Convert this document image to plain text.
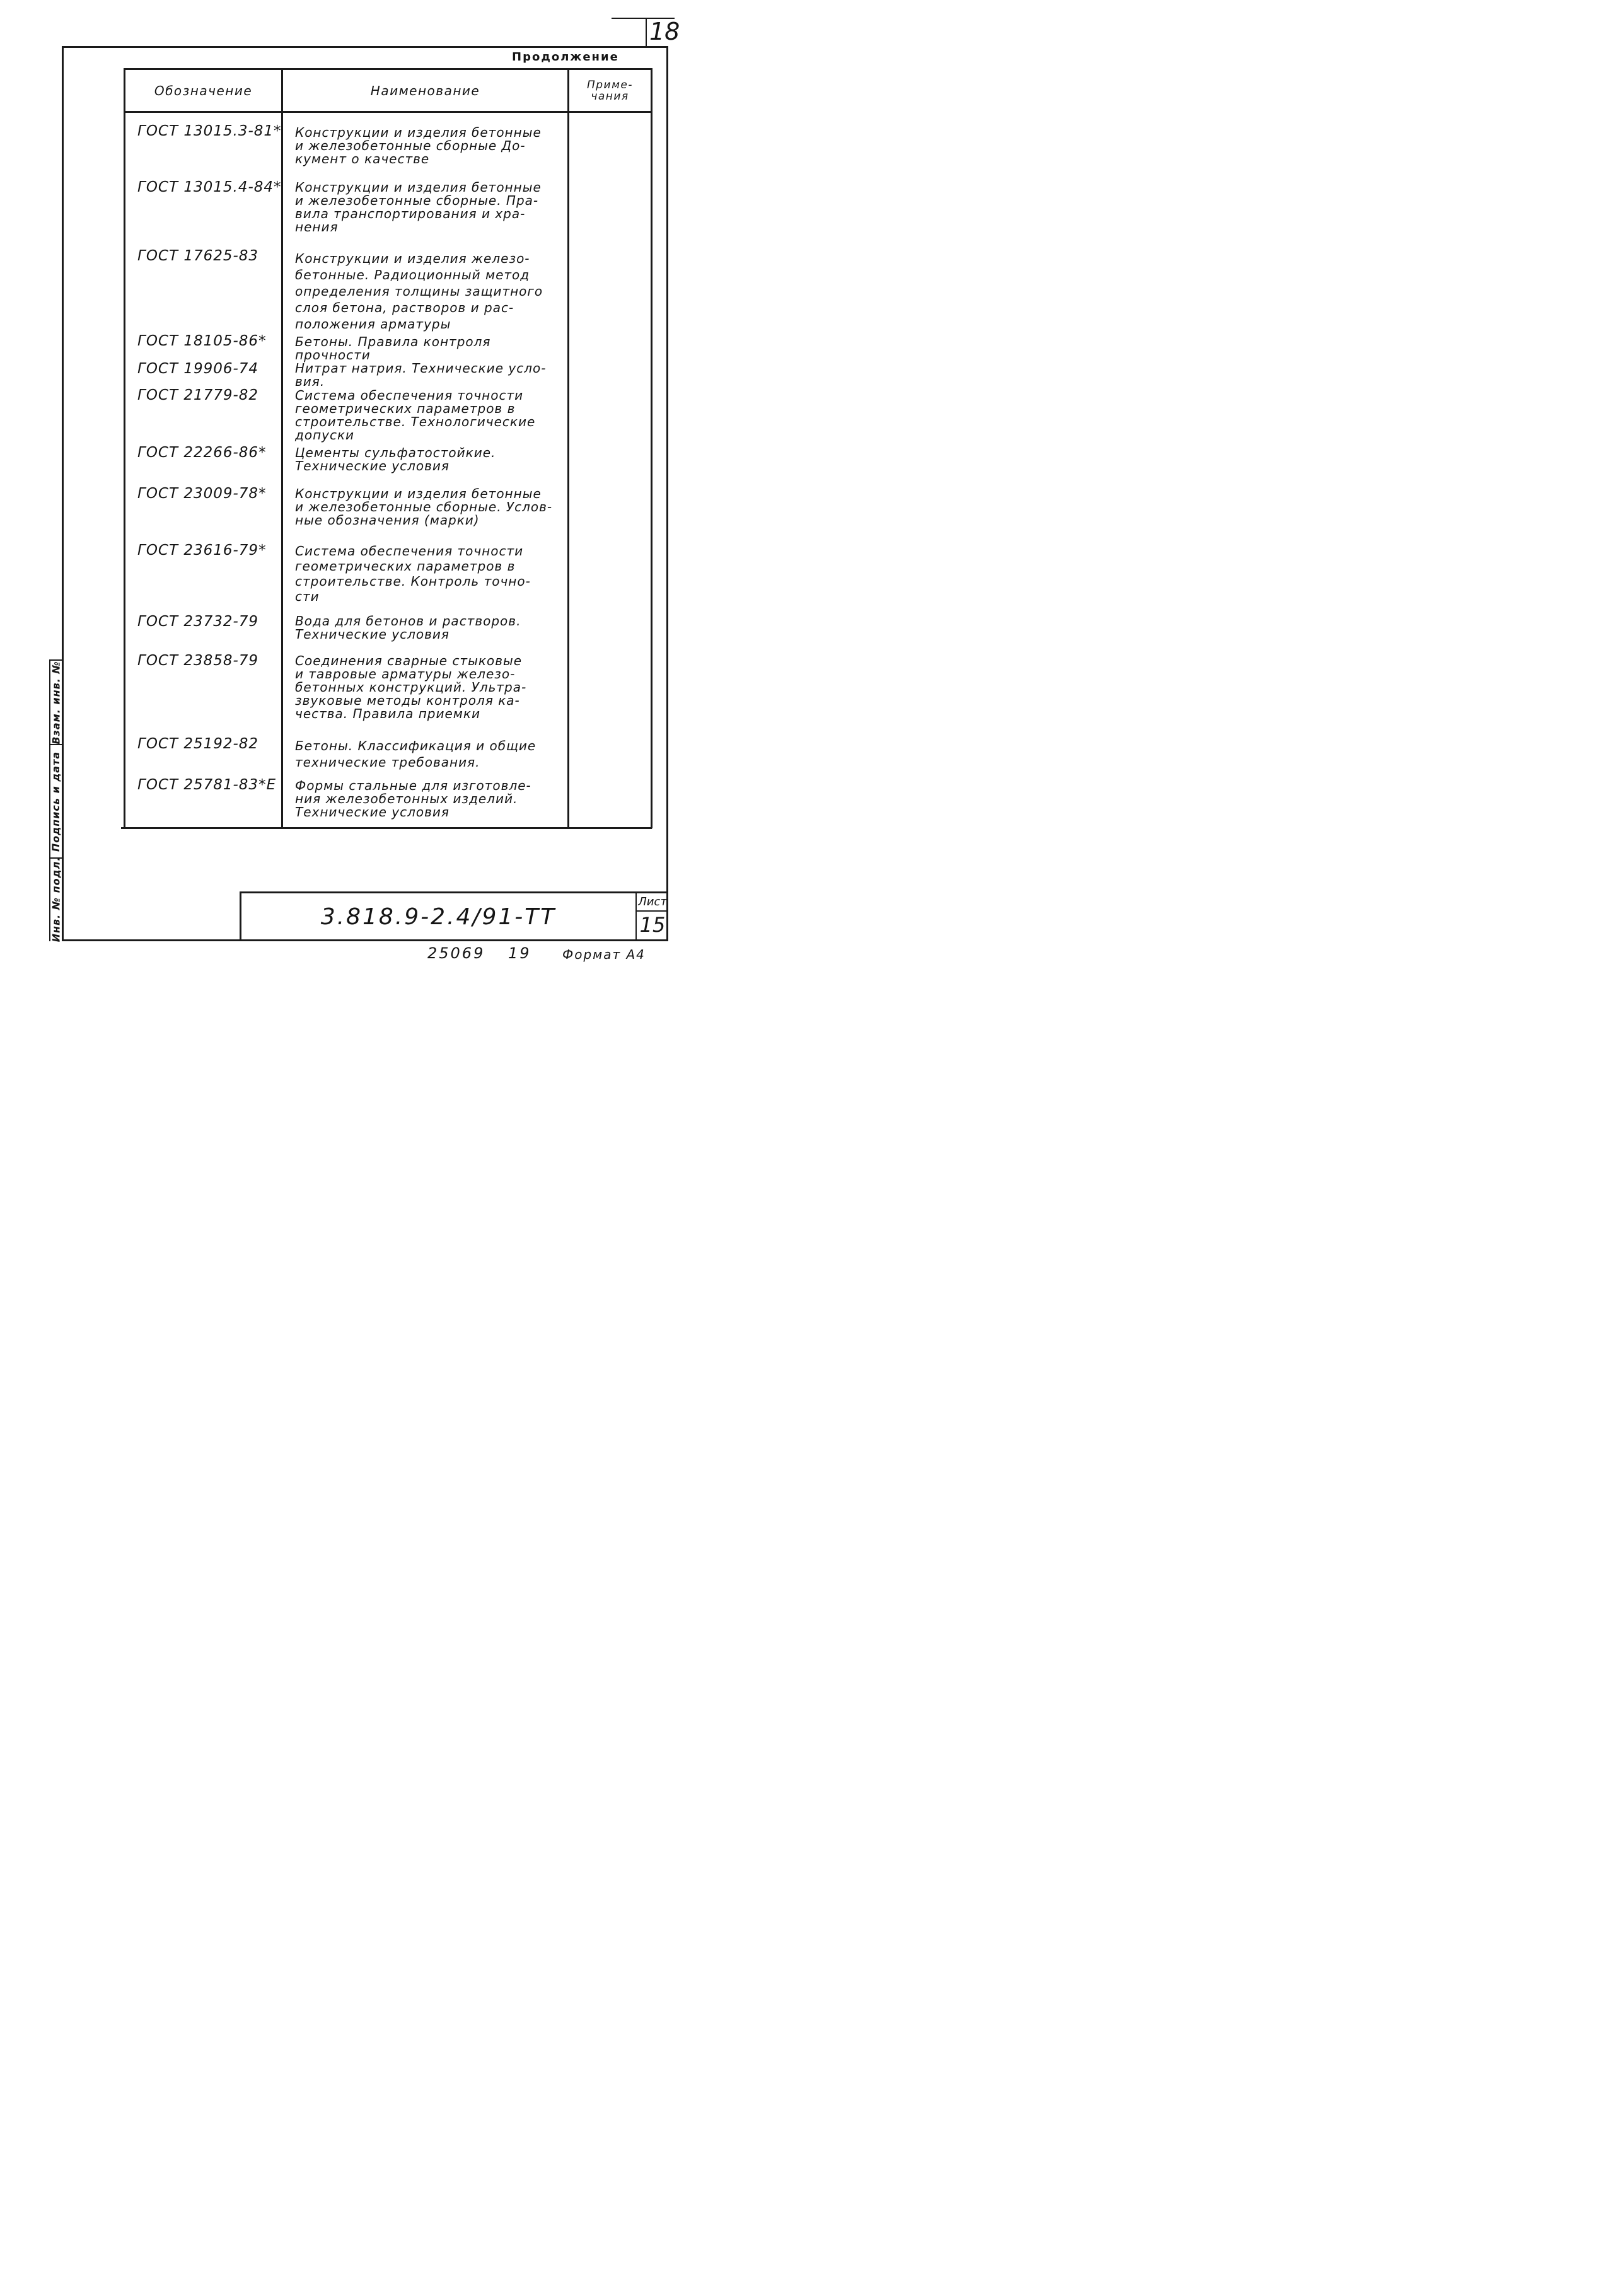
18
Продолжение
Обозначение	Наименование	Приме-
чания
ГОСТ 13015.3-81* Конструкции и изделия бетонные
и железобетонные сборные До-
кумент о качестве
ГОСТ 13015.4-84* Конструкции и изделия бетонные
и железобетонные сборные. Пра-
вила транспортирования и хра-
нения
ГОСТ 17625-83	Конструкции и изделия железо-
бетонные. Радиоционный метод
определения толщины защитного
слоя бетона, растворов и рас-
положения арматуры
ГОСТ 18105-86* Бетоны. Правила контроля
прочности
ГОСТ 19906-74	Нитрат натрия. Технические усло-
вия.
ГОСТ 21779-82	Система обеспечения точности
геометрических параметров в
строительстве. Технологические
допуски
ГОСТ 22266-86* Цементы сульфатостойкие.
Технические условия
ГОСТ 23009-78* Конструкции и изделия бетонные
и железобетонные сборные. Услов-
ные обозначения (марки)
ГОСТ 23616-79* Система обеспечения точности
геометрических параметров в
строительстве. Контроль точно-
сти
ГОСТ 23732-79	Вода для бетонов и растворов.
Технические условия
ГОСТ 23858-79	Соединения сварные стыковые
и тавровые арматуры железо-
бетонных конструкций. Ультра-
звуковые методы контроля ка-
чества. Правила приемки
ГОСТ 25192-82	Бетоны. Классификация и общие
технические требования.
ГОСТ 25781-83*Е Формы стальные для изготовле-
ния железобетонных изделий.
Технические условия
Взам. инв. №
Подпись и дата
Инв. № подл.	3.818.9-2.4/91-ТТ
Лист
15
25069 19 Формат А4
